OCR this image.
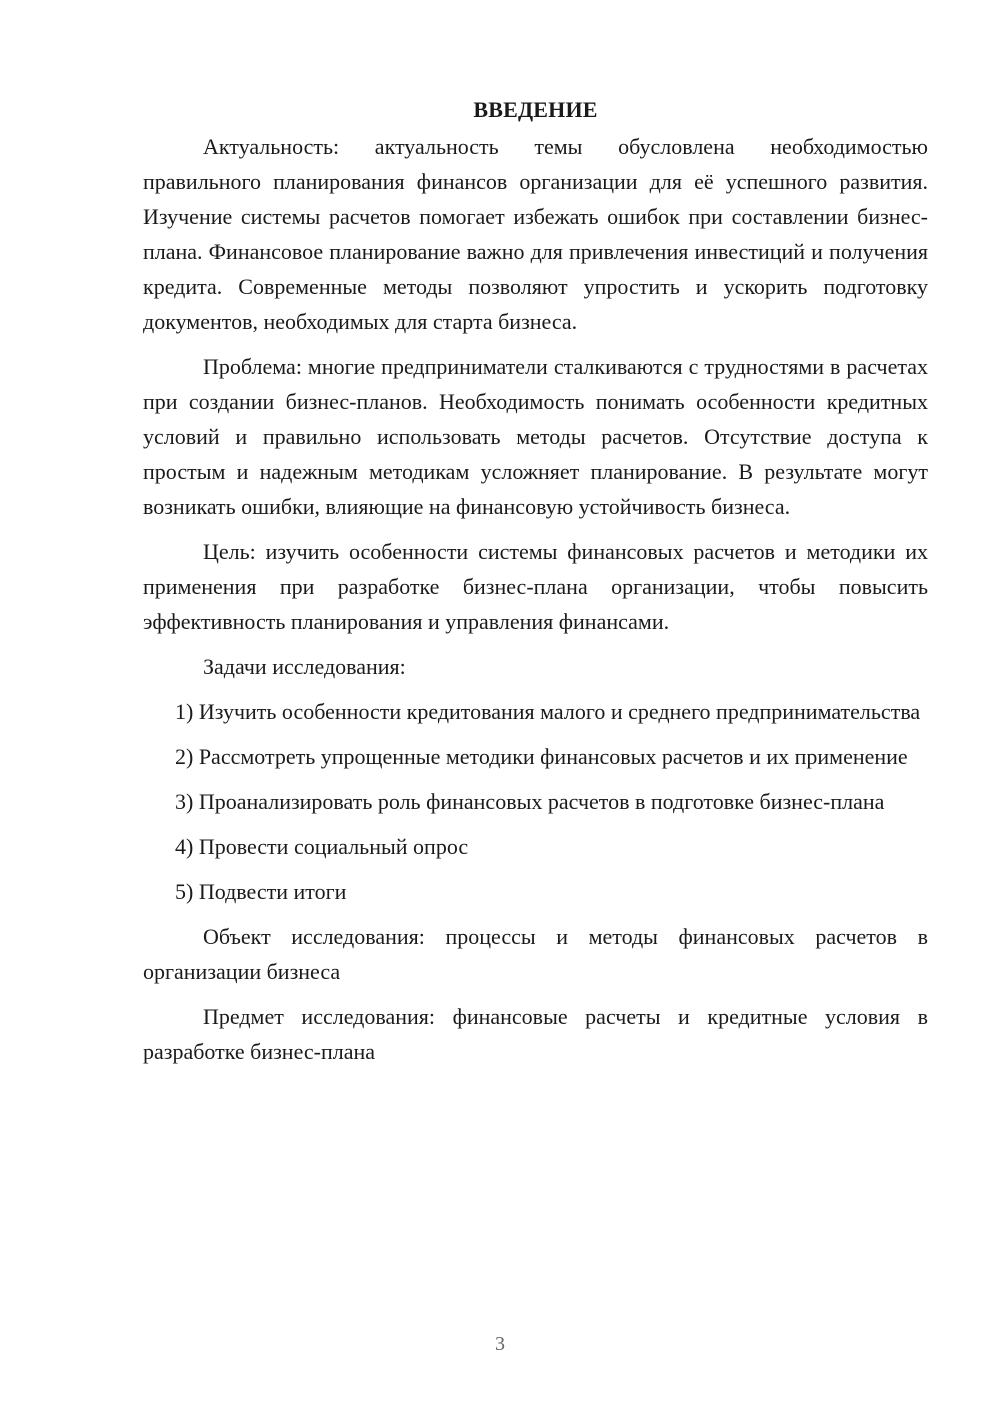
ВВЕДЕНИЕ

Актуальность: актуальность темы обусловлена необходимостью правильного планирования финансов организации для её успешного развития. Изучение системы расчетов помогает избежать ошибок при составлении бизнес-плана. Финансовое планирование важно для привлечения инвестиций и получения кредита. Современные методы позволяют упростить и ускорить подготовку документов, необходимых для старта бизнеса.

Проблема: многие предприниматели сталкиваются с трудностями в расчетах при создании бизнес-планов. Необходимость понимать особенности кредитных условий и правильно использовать методы расчетов. Отсутствие доступа к простым и надежным методикам усложняет планирование. В результате могут возникать ошибки, влияющие на финансовую устойчивость бизнеса.

Цель: изучить особенности системы финансовых расчетов и методики их применения при разработке бизнес-плана организации, чтобы повысить эффективность планирования и управления финансами.

Задачи исследования:

1) Изучить особенности кредитования малого и среднего предпринимательства

2) Рассмотреть упрощенные методики финансовых расчетов и их применение

3) Проанализировать роль финансовых расчетов в подготовке бизнес-плана

4) Провести социальный опрос

5) Подвести итоги

Объект исследования: процессы и методы финансовых расчетов в организации бизнеса

Предмет исследования: финансовые расчеты и кредитные условия в разработке бизнес-плана

3
